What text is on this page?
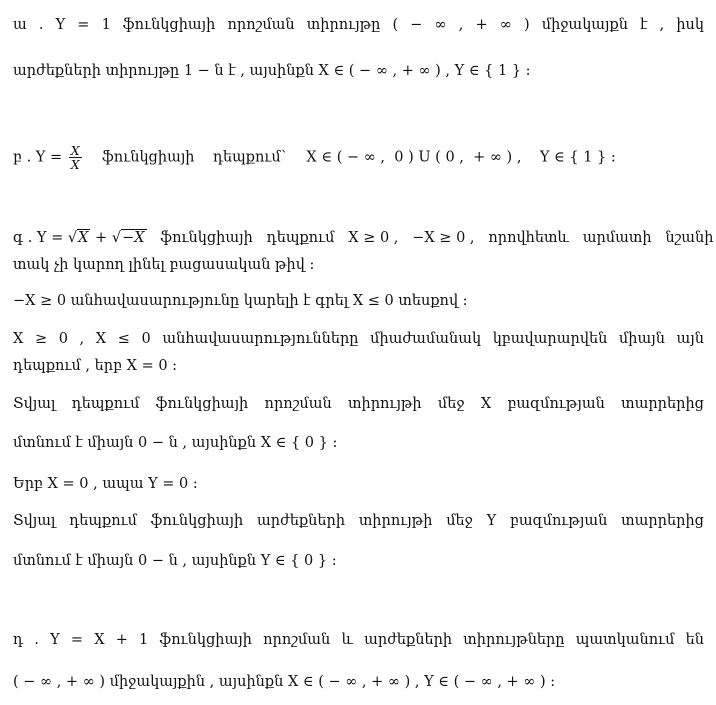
ա . Y = 1 ֆունկցիայի որոշման տիրույթը ( − ∞ , + ∞ ) միջակայքն է , իսկ
արժեքների տիրույթը 1 − ն է , այսինքն X ∈ ( − ∞ , + ∞ ) , Y ∈ { 1 } :
բ . $Y = \frac{X}{X}$ ֆունկցիայի    դեպքում`    X ∈ ( − ∞ ,  0 ) U ( 0 ,  + ∞ ) ,    Y ∈ { 1 } :
գ . Y = √X + √−X   ֆունկցիայի   դեպքում   X ≥ 0 ,   −X ≥ 0 ,   որովհետև   արմատի   նշանի
տակ չի կարող լինել բացասական թիվ :
−X ≥ 0 անհավասարությունը կարելի է գրել X ≤ 0 տեսքով :
X ≥ 0 , X ≤ 0 անհավասարությունները միաժամանակ կբավարարվեն միայն այն
դեպքում , երբ X = 0 :
Տվյալ դեպքում ֆունկցիայի որոշման տիրույթի մեջ X բազմության տարրերից
մտնում է միայն 0 − ն , այսինքն X ∈ { 0 } :
Երբ X = 0 , ապա Y = 0 :
Տվյալ դեպքում ֆունկցիայի արժեքների տիրույթի մեջ Y բազմության տարրերից
մտնում է միայն 0 − ն , այսինքն Y ∈ { 0 } :
դ . Y = X + 1 ֆունկցիայի որոշման և արժեքների տիրույթները պատկանում են
( − ∞ , + ∞ ) միջակայքին , այսինքն X ∈ ( − ∞ , + ∞ ) , Y ∈ ( − ∞ , + ∞ ) :
